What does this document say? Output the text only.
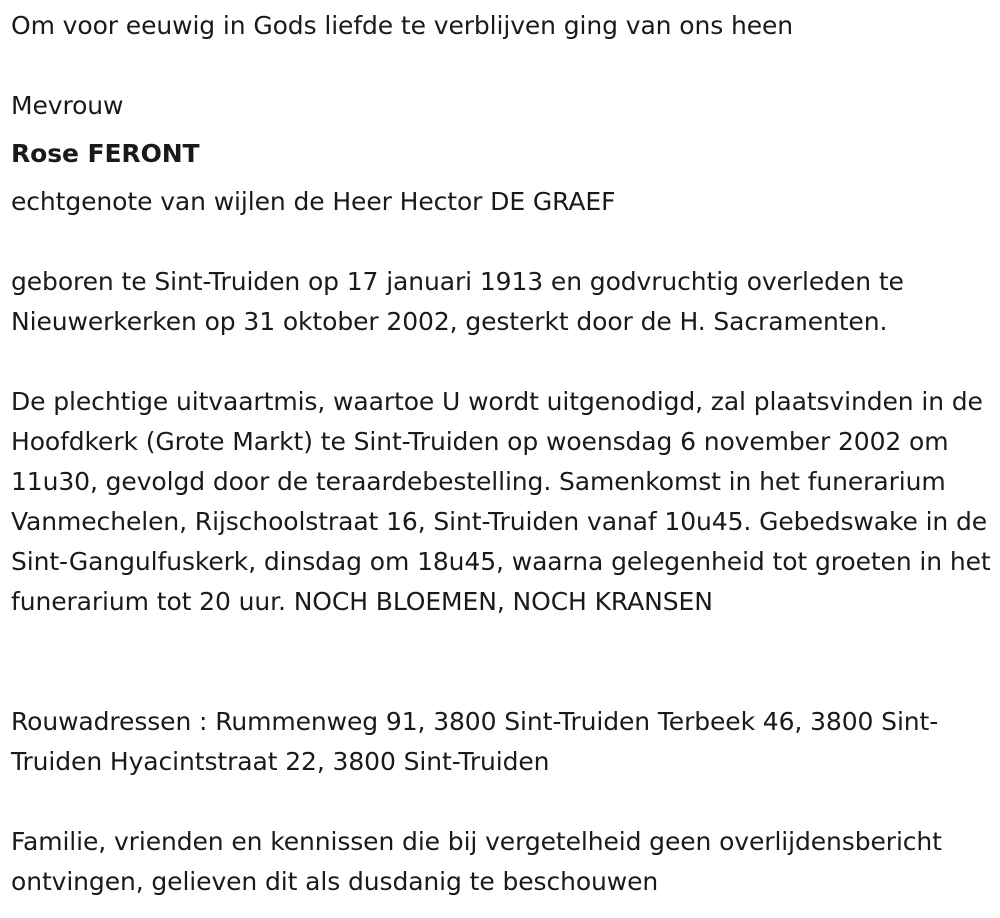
Om voor eeuwig in Gods liefde te verblijven ging van ons heen

Mevrouw

Rose FERONT

echtgenote van wijlen de Heer Hector DE GRAEF

geboren te Sint-Truiden op 17 januari 1913 en godvruchtig overleden te Nieuwerkerken op 31 oktober 2002, gesterkt door de H. Sacramenten.

De plechtige uitvaartmis, waartoe U wordt uitgenodigd, zal plaatsvinden in de Hoofdkerk (Grote Markt) te Sint-Truiden op woensdag 6 november 2002 om 11u30, gevolgd door de teraardebestelling. Samenkomst in het funerarium Vanmechelen, Rijschoolstraat 16, Sint-Truiden vanaf 10u45. Gebedswake in de Sint-Gangulfuskerk, dinsdag om 18u45, waarna gelegenheid tot groeten in het funerarium tot 20 uur. NOCH BLOEMEN, NOCH KRANSEN

Rouwadressen : Rummenweg 91, 3800 Sint-Truiden Terbeek 46, 3800 Sint-Truiden Hyacintstraat 22, 3800 Sint-Truiden

Familie, vrienden en kennissen die bij vergetelheid geen overlijdensbericht ontvingen, gelieven dit als dusdanig te beschouwen
